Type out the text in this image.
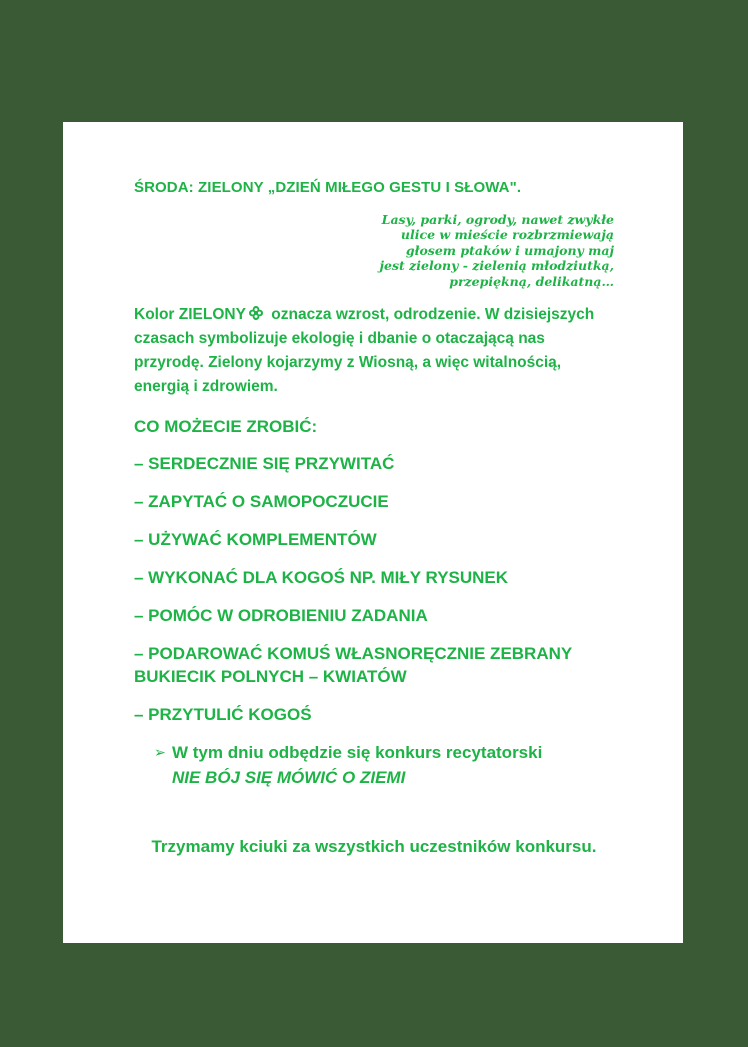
ŚRODA: ZIELONY „DZIEŃ MIŁEGO GESTU I SŁOWA".

Lasy, parki, ogrody, nawet zwykłe
ulice w mieście rozbrzmiewają
głosem ptaków i umajony maj
jest zielony - zielenią młodziutką,
przepiękną, delikatną…

Kolor ZIELONY oznacza wzrost, odrodzenie. W dzisiejszych czasach symbolizuje ekologię i dbanie o otaczającą nas przyrodę. Zielony kojarzymy z Wiosną, a więc witalnością, energią i zdrowiem.

CO MOŻECIE ZROBIĆ:

– SERDECZNIE SIĘ PRZYWITAĆ

– ZAPYTAĆ O SAMOPOCZUCIE

– UŻYWAĆ KOMPLEMENTÓW

– WYKONAĆ DLA KOGOŚ NP. MIŁY RYSUNEK

– POMÓC W ODROBIENIU ZADANIA

– PODAROWAĆ KOMUŚ WŁASNORĘCZNIE ZEBRANY BUKIECIK POLNYCH – KWIATÓW

– PRZYTULIĆ KOGOŚ

➢ W tym dniu odbędzie się konkurs recytatorski
NIE BÓJ SIĘ MÓWIĆ O ZIEMI

Trzymamy kciuki za wszystkich uczestników konkursu.
